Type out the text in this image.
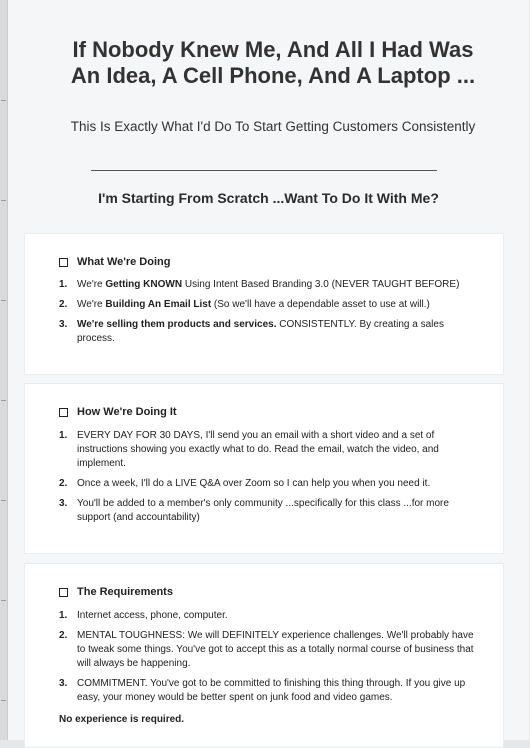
If Nobody Knew Me, And All I Had Was An Idea, A Cell Phone, And A Laptop ...
This Is Exactly What I'd Do To Start Getting Customers Consistently
I'm Starting From Scratch ...Want To Do It With Me?
What We're Doing
1. We're Getting KNOWN Using Intent Based Branding 3.0 (NEVER TAUGHT BEFORE)
2. We're Building An Email List (So we'll have a dependable asset to use at will.)
3. We're selling them products and services. CONSISTENTLY. By creating a sales process.
How We're Doing It
1. EVERY DAY FOR 30 DAYS, I'll send you an email with a short video and a set of instructions showing you exactly what to do. Read the email, watch the video, and implement.
2. Once a week, I'll do a LIVE Q&A over Zoom so I can help you when you need it.
3. You'll be added to a member's only community ...specifically for this class ...for more support (and accountability)
The Requirements
1. Internet access, phone, computer.
2. MENTAL TOUGHNESS: We will DEFINITELY experience challenges. We'll probably have to tweak some things. You've got to accept this as a totally normal course of business that will always be happening.
3. COMMITMENT. You've got to be committed to finishing this thing through. If you give up easy, your money would be better spent on junk food and video games.
No experience is required.
